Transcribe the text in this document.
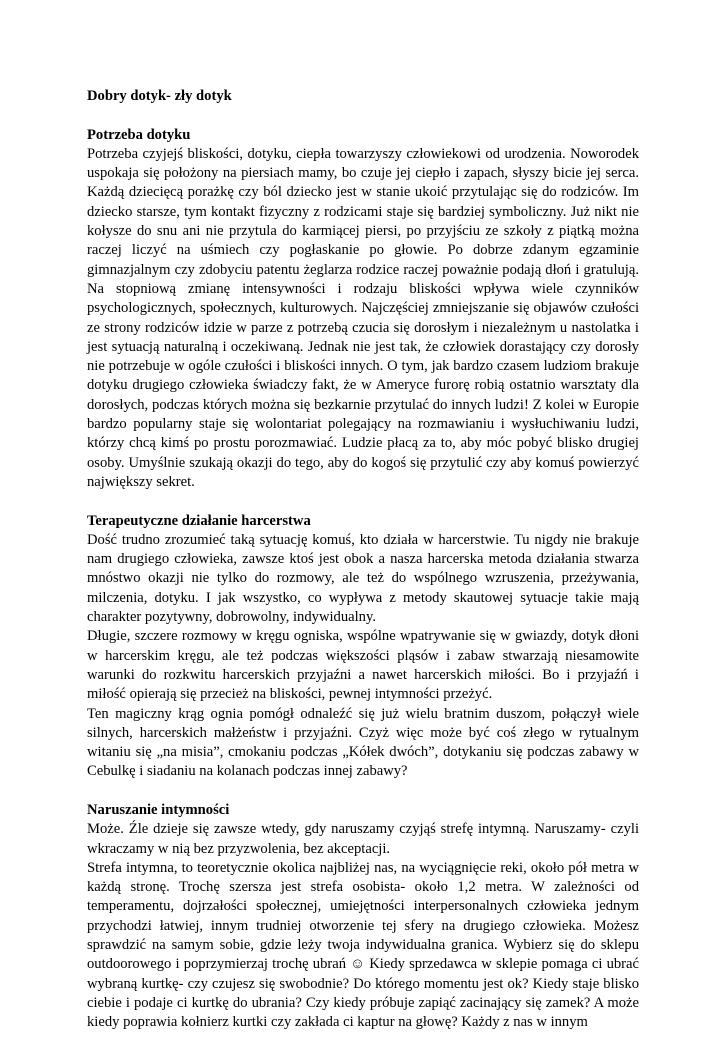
Dobry dotyk- zły dotyk

Potrzeba dotyku

Potrzeba czyjejś bliskości, dotyku, ciepła towarzyszy człowiekowi od urodzenia. Noworodek uspokaja się położony na piersiach mamy, bo czuje jej ciepło i zapach, słyszy bicie jej serca. Każdą dziecięcą porażkę czy ból dziecko jest w stanie ukoić przytulając się do rodziców. Im dziecko starsze, tym kontakt fizyczny z rodzicami staje się bardziej symboliczny. Już nikt nie kołysze do snu ani nie przytula do karmiącej piersi, po przyjściu ze szkoły z piątką można raczej liczyć na uśmiech czy pogłaskanie po głowie. Po dobrze zdanym egzaminie gimnazjalnym czy zdobyciu patentu żeglarza rodzice raczej poważnie podają dłoń i gratulują. Na stopniową zmianę intensywności i rodzaju bliskości wpływa wiele czynników psychologicznych, społecznych, kulturowych. Najczęściej zmniejszanie się objawów czułości ze strony rodziców idzie w parze z potrzebą czucia się dorosłym i niezależnym u nastolatka i jest sytuacją naturalną i oczekiwaną. Jednak nie jest tak, że człowiek dorastający czy dorosły nie potrzebuje w ogóle czułości i bliskości innych. O tym, jak bardzo czasem ludziom brakuje dotyku drugiego człowieka świadczy fakt, że w Ameryce furorę robią ostatnio warsztaty dla dorosłych, podczas których można się bezkarnie przytulać do innych ludzi! Z kolei w Europie bardzo popularny staje się wolontariat polegający na rozmawianiu i wysłuchiwaniu ludzi, którzy chcą kimś po prostu porozmawiać. Ludzie płacą za to, aby móc pobyć blisko drugiej osoby. Umyślnie szukają okazji do tego, aby do kogoś się przytulić czy aby komuś powierzyć największy sekret.

Terapeutyczne działanie harcerstwa

Dość trudno zrozumieć taką sytuację komuś, kto działa w harcerstwie. Tu nigdy nie brakuje nam drugiego człowieka, zawsze ktoś jest obok a nasza harcerska metoda działania stwarza mnóstwo okazji nie tylko do rozmowy, ale też do wspólnego wzruszenia, przeżywania, milczenia, dotyku. I jak wszystko, co wypływa z metody skautowej sytuacje takie mają charakter pozytywny, dobrowolny, indywidualny.

Długie, szczere rozmowy w kręgu ogniska, wspólne wpatrywanie się w gwiazdy, dotyk dłoni w harcerskim kręgu, ale też podczas większości pląsów i zabaw stwarzają niesamowite warunki do rozkwitu harcerskich przyjaźni a nawet harcerskich miłości. Bo i przyjaźń i miłość opierają się przecież na bliskości, pewnej intymności przeżyć.

Ten magiczny krąg ognia pomógł odnaleźć się już wielu bratnim duszom, połączył wiele silnych, harcerskich małżeństw i przyjaźni. Czyż więc może być coś złego w rytualnym witaniu się „na misia”, cmokaniu podczas „Kółek dwóch”, dotykaniu się podczas zabawy w Cebulkę i siadaniu na kolanach podczas innej zabawy?

Naruszanie intymności

Może. Źle dzieje się zawsze wtedy, gdy naruszamy czyjąś strefę intymną. Naruszamy- czyli wkraczamy w nią bez przyzwolenia, bez akceptacji.

Strefa intymna, to teoretycznie okolica najbliżej nas, na wyciągnięcie reki, około pół metra w każdą stronę. Trochę szersza jest strefa osobista- około 1,2 metra. W zależności od temperamentu, dojrzałości społecznej, umiejętności interpersonalnych człowieka jednym przychodzi łatwiej, innym trudniej otworzenie tej sfery na drugiego człowieka. Możesz sprawdzić na samym sobie, gdzie leży twoja indywidualna granica. Wybierz się do sklepu outdoorowego i poprzymierzaj trochę ubrań ☺ Kiedy sprzedawca w sklepie pomaga ci ubrać wybraną kurtkę- czy czujesz się swobodnie? Do którego momentu jest ok? Kiedy staje blisko ciebie i podaje ci kurtkę do ubrania? Czy kiedy próbuje zapiąć zacinający się zamek? A może kiedy poprawia kołnierz kurtki czy zakłada ci kaptur na głowę? Każdy z nas w innym
